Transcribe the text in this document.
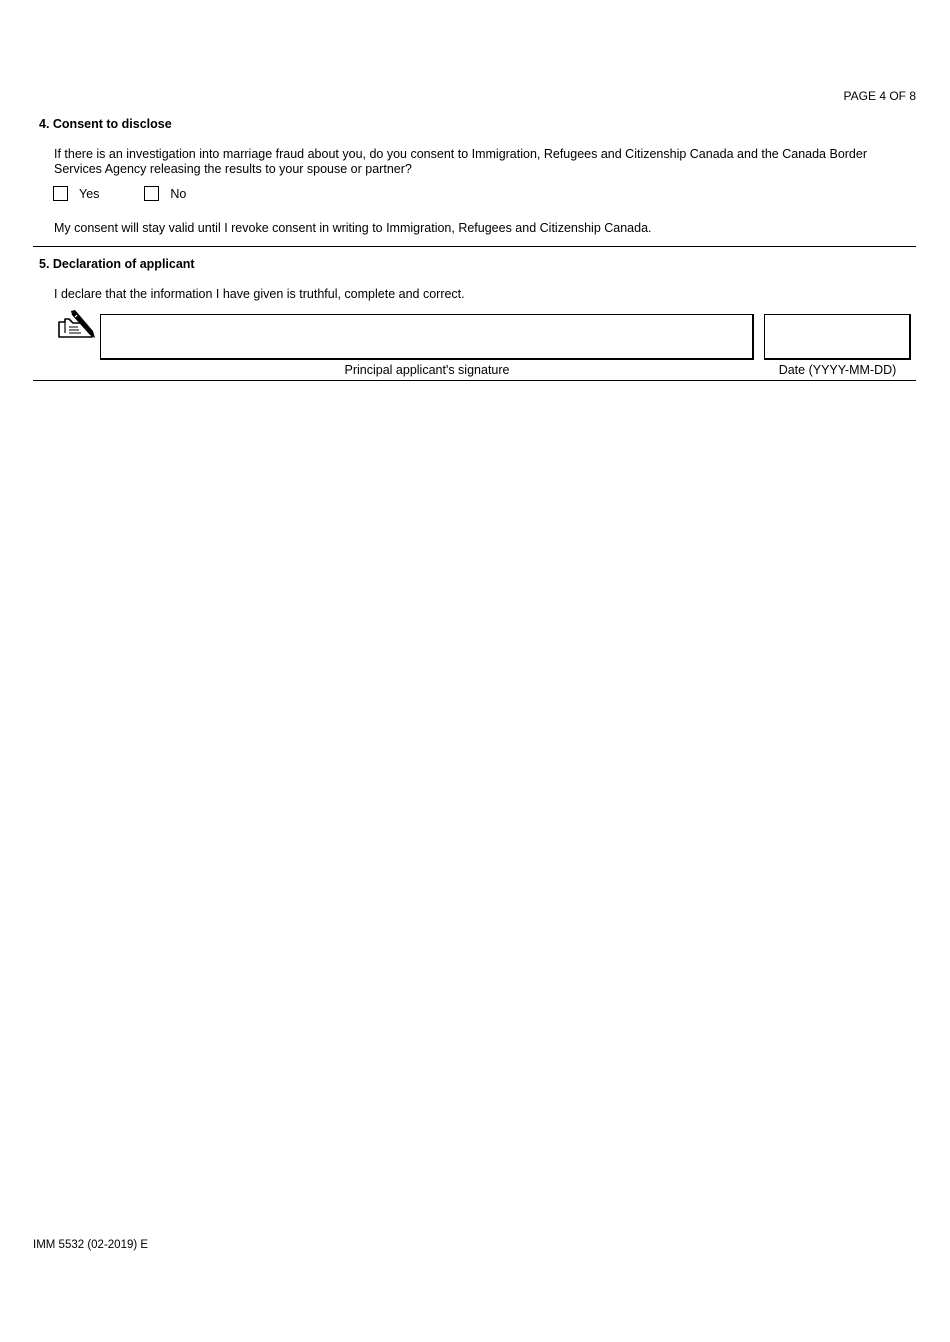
PAGE 4 OF 8
4. Consent to disclose
If there is an investigation into marriage fraud about you, do you consent to Immigration, Refugees and Citizenship Canada and the Canada Border Services Agency releasing the results to your spouse or partner?
Yes	No
My consent will stay valid until I revoke consent in writing to Immigration, Refugees and Citizenship Canada.
5. Declaration of applicant
I declare that the information I have given is truthful, complete and correct.
Principal applicant's signature	Date (YYYY-MM-DD)
IMM 5532 (02-2019) E
